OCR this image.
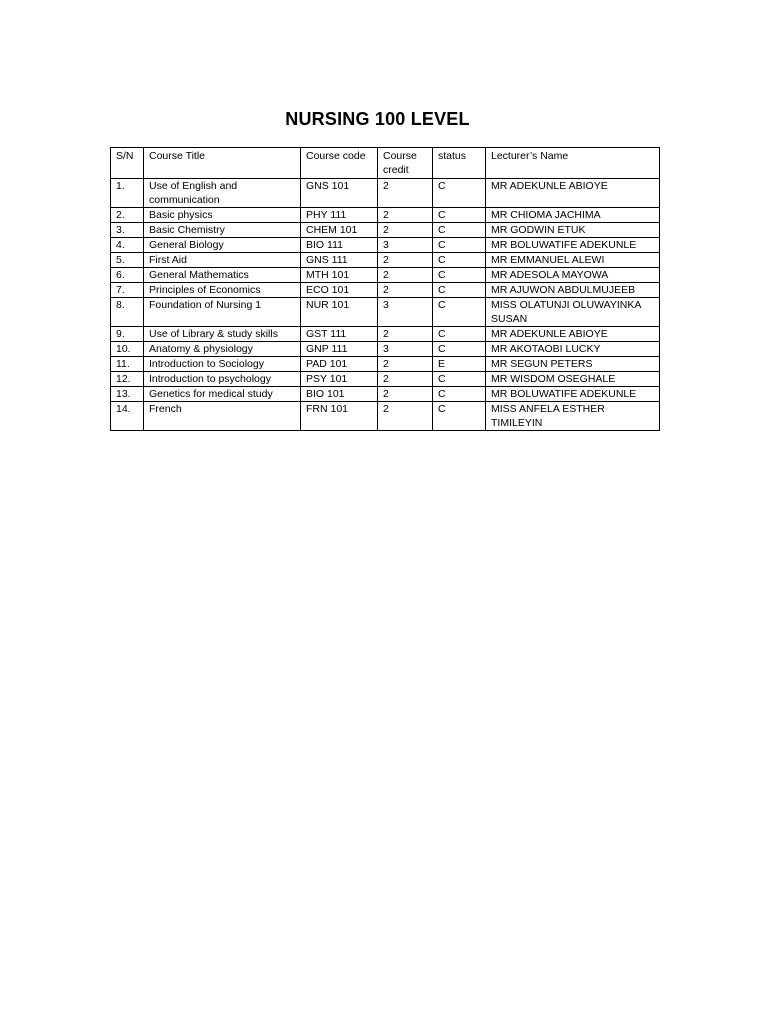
NURSING 100 LEVEL
S/N	Course Title	Course code	Course credit	status	Lecturer’s Name
1.	Use of English and communication	GNS 101	2	C	MR ADEKUNLE ABIOYE
2.	Basic physics	PHY 111	2	C	MR CHIOMA JACHIMA
3.	Basic Chemistry	CHEM 101	2	C	MR GODWIN ETUK
4.	General Biology	BIO 111	3	C	MR BOLUWATIFE ADEKUNLE
5.	First Aid	GNS 111	2	C	MR EMMANUEL ALEWI
6.	General Mathematics	MTH 101	2	C	MR ADESOLA MAYOWA
7.	Principles of Economics	ECO 101	2	C	MR AJUWON ABDULMUJEEB
8.	Foundation of Nursing 1	NUR 101	3	C	MISS OLATUNJI OLUWAYINKA SUSAN
9.	Use of Library & study skills	GST 111	2	C	MR ADEKUNLE ABIOYE
10.	Anatomy & physiology	GNP 111	3	C	MR AKOTAOBI LUCKY
11.	Introduction to Sociology	PAD 101	2	E	MR SEGUN PETERS
12.	Introduction to psychology	PSY 101	2	C	MR WISDOM OSEGHALE
13.	Genetics for medical study	BIO 101	2	C	MR BOLUWATIFE ADEKUNLE
14.	French	FRN 101	2	C	MISS ANFELA ESTHER TIMILEYIN
